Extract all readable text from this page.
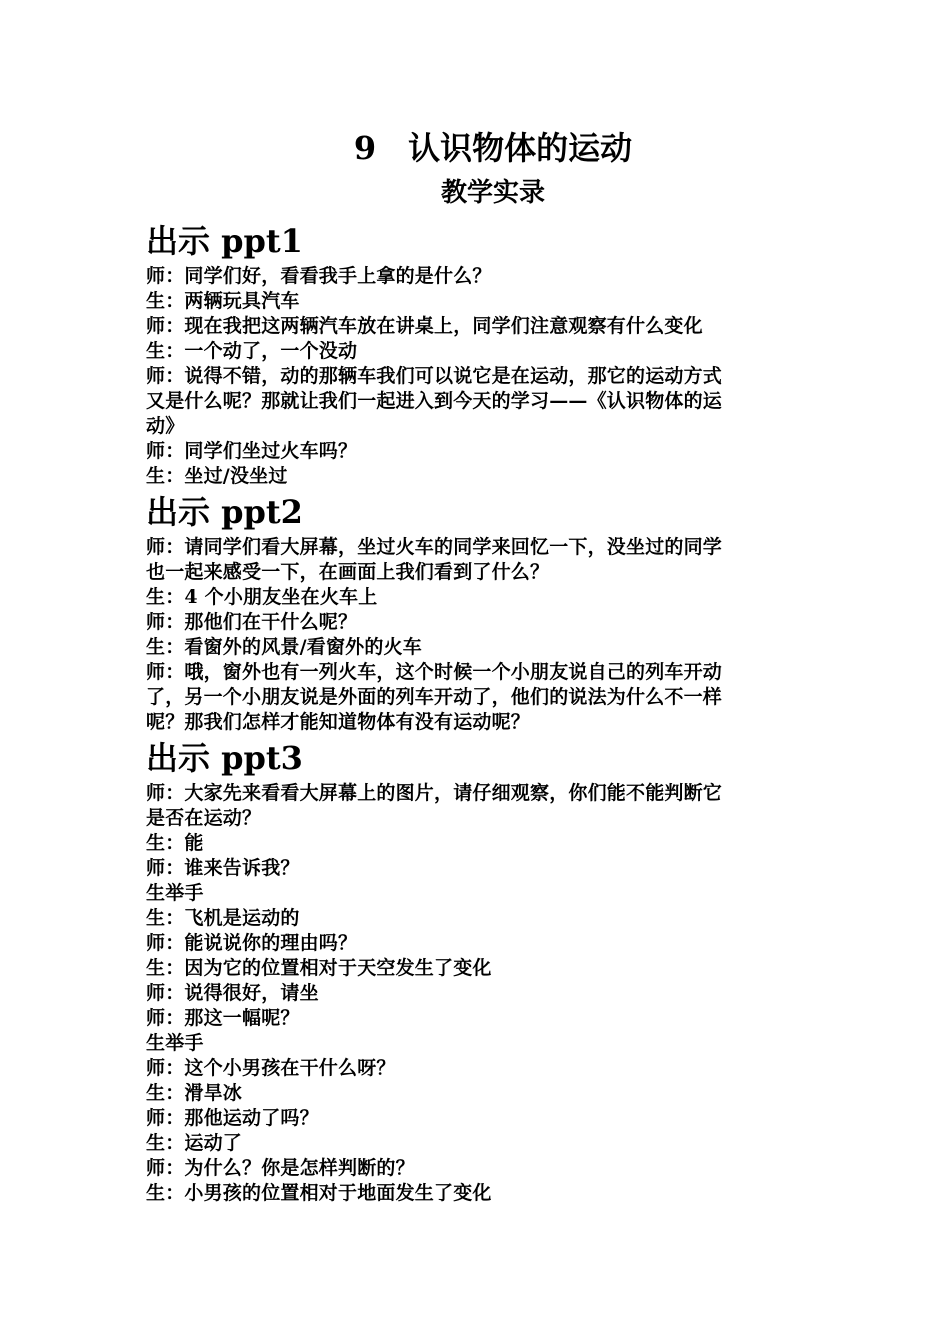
9　认识物体的运动
教学实录
出示 ppt1

师：同学们好，看看我手上拿的是什么？

生：两辆玩具汽车

师：现在我把这两辆汽车放在讲桌上，同学们注意观察有什么变化

生：一个动了，一个没动

师：说得不错，动的那辆车我们可以说它是在运动，那它的运动方式

又是什么呢？那就让我们一起进入到今天的学习——《认识物体的运

动》

师：同学们坐过火车吗？

生：坐过/没坐过

出示 ppt2

师：请同学们看大屏幕，坐过火车的同学来回忆一下，没坐过的同学

也一起来感受一下，在画面上我们看到了什么？

生：4 个小朋友坐在火车上

师：那他们在干什么呢？

生：看窗外的风景/看窗外的火车

师：哦，窗外也有一列火车，这个时候一个小朋友说自己的列车开动

了，另一个小朋友说是外面的列车开动了，他们的说法为什么不一样

呢？那我们怎样才能知道物体有没有运动呢？

出示 ppt3

师：大家先来看看大屏幕上的图片，请仔细观察，你们能不能判断它

是否在运动？

生：能

师：谁来告诉我？

生举手

生：飞机是运动的

师：能说说你的理由吗？

生：因为它的位置相对于天空发生了变化

师：说得很好，请坐

师：那这一幅呢？

生举手

师：这个小男孩在干什么呀？

生：滑旱冰

师：那他运动了吗？

生：运动了

师：为什么？你是怎样判断的？

生：小男孩的位置相对于地面发生了变化
